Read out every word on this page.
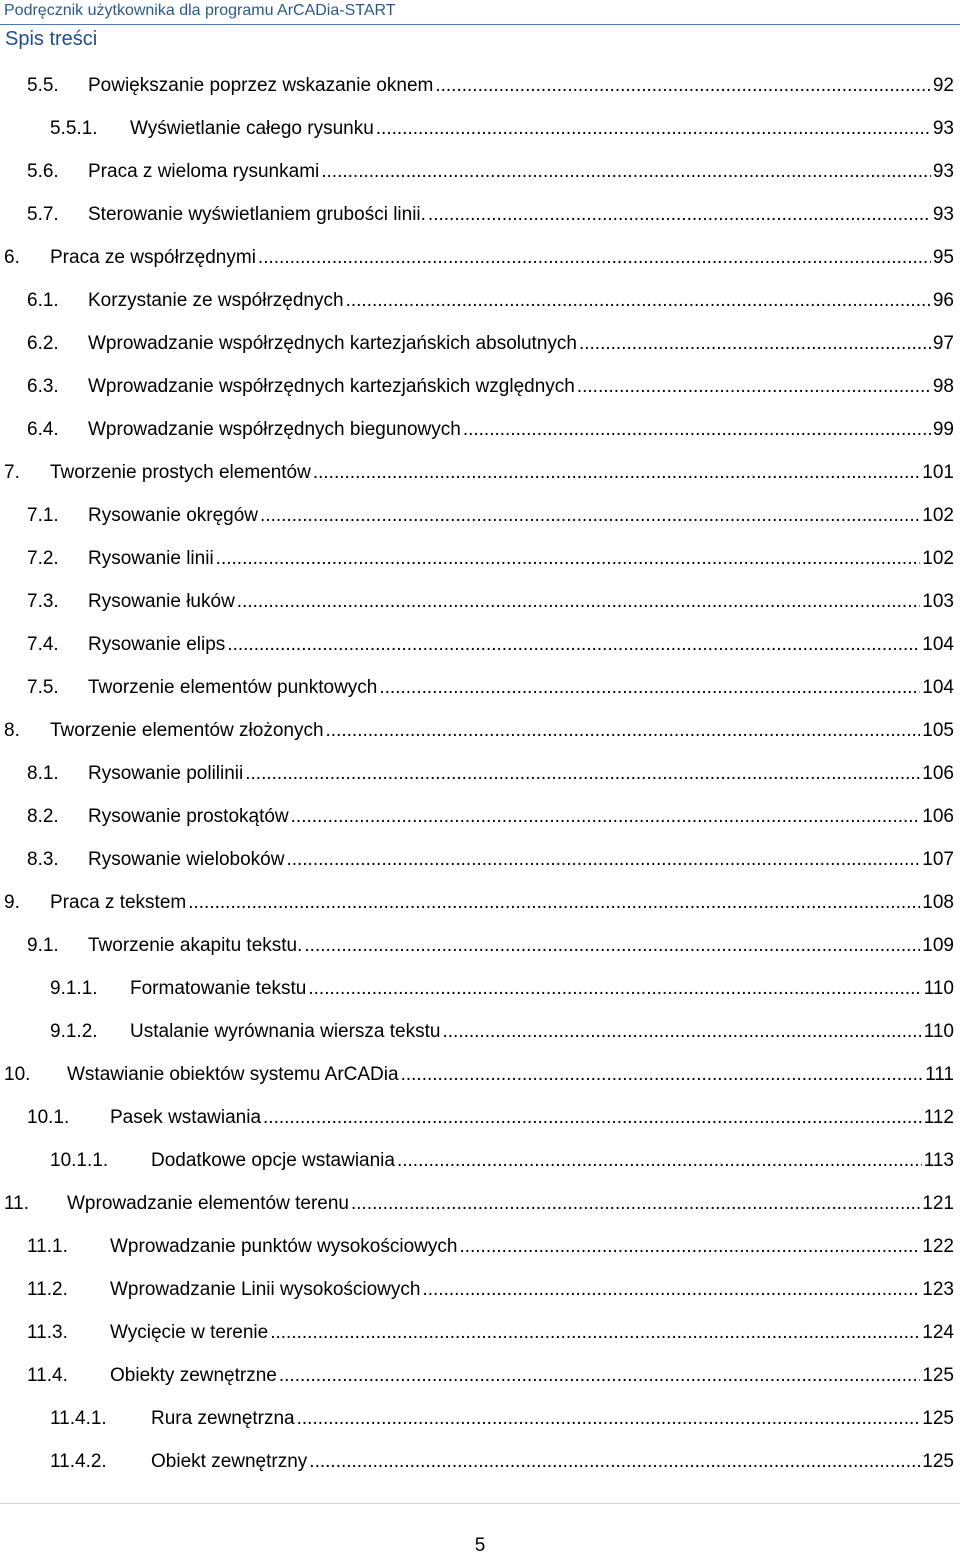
Podręcznik użytkownika dla programu ArCADia-START
Spis treści
5.5. Powiększanie poprzez wskazanie oknem .....	92
5.5.1. Wyświetlanie całego rysunku .....	93
5.6. Praca z wieloma rysunkami .....	93
5.7. Sterowanie wyświetlaniem grubości linii. .....	93
6. Praca ze współrzędnymi .....	95
6.1. Korzystanie ze współrzędnych .....	96
6.2. Wprowadzanie współrzędnych kartezjańskich absolutnych .....	97
6.3. Wprowadzanie współrzędnych kartezjańskich względnych .....	98
6.4. Wprowadzanie współrzędnych biegunowych .....	99
7. Tworzenie prostych elementów .....	101
7.1. Rysowanie okręgów .....	102
7.2. Rysowanie linii .....	102
7.3. Rysowanie łuków .....	103
7.4. Rysowanie elips .....	104
7.5. Tworzenie elementów punktowych .....	104
8. Tworzenie elementów złożonych .....	105
8.1. Rysowanie polilinii .....	106
8.2. Rysowanie prostokątów .....	106
8.3. Rysowanie wieloboków .....	107
9. Praca z tekstem .....	108
9.1. Tworzenie akapitu tekstu. .....	109
9.1.1. Formatowanie tekstu .....	110
9.1.2. Ustalanie wyrównania wiersza tekstu .....	110
10. Wstawianie obiektów systemu ArCADia .....	111
10.1. Pasek wstawiania .....	112
10.1.1. Dodatkowe opcje wstawiania .....	113
11. Wprowadzanie elementów terenu .....	121
11.1. Wprowadzanie punktów wysokościowych .....	122
11.2. Wprowadzanie Linii wysokościowych .....	123
11.3. Wycięcie w terenie .....	124
11.4. Obiekty zewnętrzne .....	125
11.4.1. Rura zewnętrzna .....	125
11.4.2. Obiekt zewnętrzny .....	125
5
